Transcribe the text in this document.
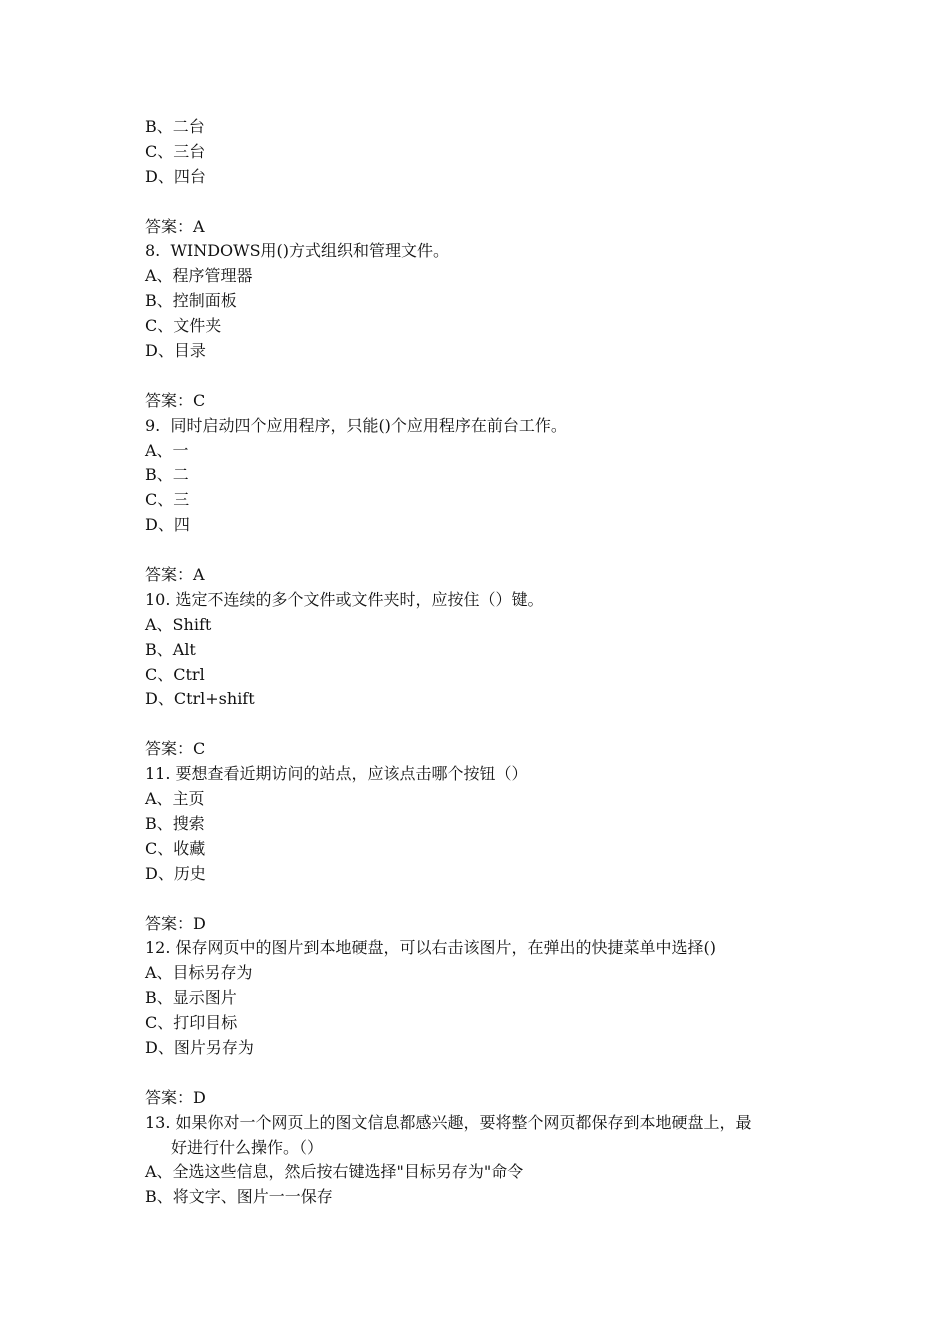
B、二台
C、三台
D、四台
答案：A
8.  WINDOWS用()方式组织和管理文件。
A、程序管理器
B、控制面板
C、文件夹
D、目录
答案：C
9.  同时启动四个应用程序，只能()个应用程序在前台工作。
A、一
B、二
C、三
D、四
答案：A
10. 选定不连续的多个文件或文件夹时，应按住（）键。
A、Shift
B、Alt
C、Ctrl
D、Ctrl+shift
答案：C
11. 要想查看近期访问的站点，应该点击哪个按钮（）
A、主页
B、搜索
C、收藏
D、历史
答案：D
12. 保存网页中的图片到本地硬盘，可以右击该图片，在弹出的快捷菜单中选择()
A、目标另存为
B、显示图片
C、打印目标
D、图片另存为
答案：D
13. 如果你对一个网页上的图文信息都感兴趣，要将整个网页都保存到本地硬盘上，最
好进行什么操作。（）
A、全选这些信息，然后按右键选择"目标另存为"命令
B、将文字、图片一一保存
